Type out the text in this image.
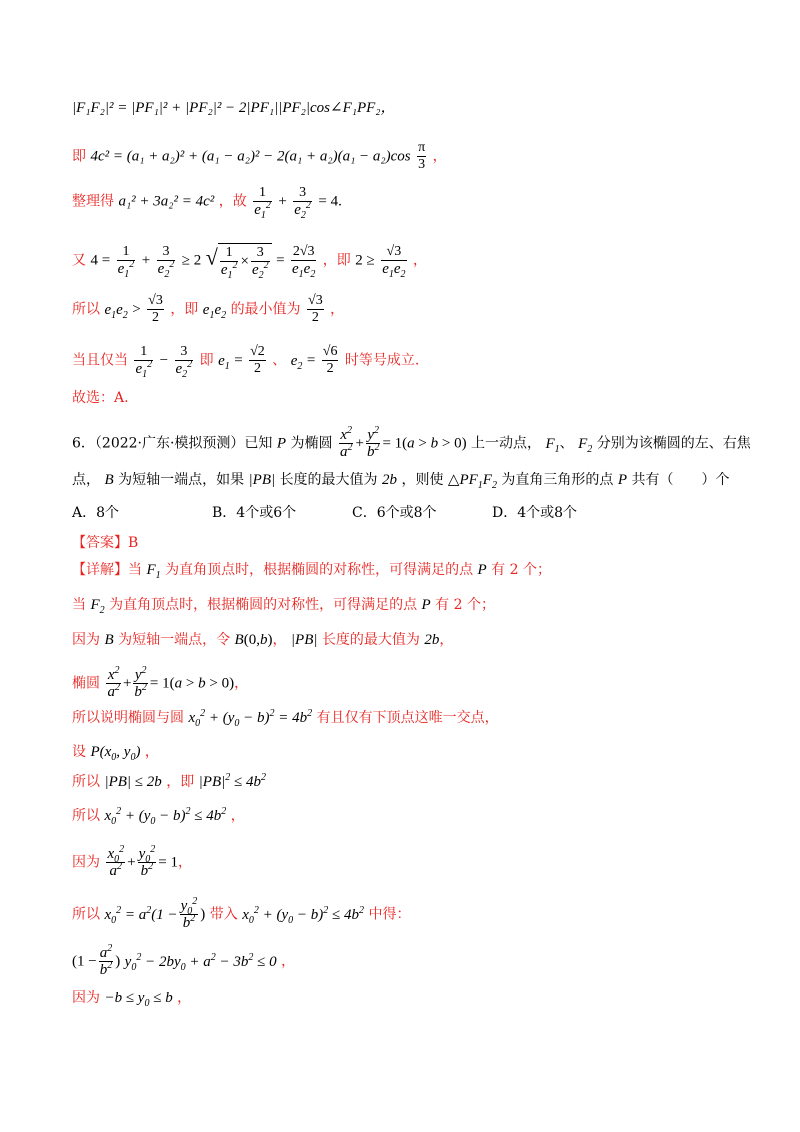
|F₁F₂|² = |PF₁|² + |PF₂|² − 2|PF₁||PF₂|cos∠F₁PF₂，
即 $4c^2 = (a_1 + a_2)^2 + (a_1 - a_2)^2 - 2(a_1 + a_2)(a_1 - a_2)\cos \frac{\pi}{3}$ ，
整理得 a₁² + 3a₂² = 4c² ，故 $\frac{1}{e_1^2} + \frac{3}{e_2^2} = 4$.
又 $4 = \frac{1}{e_1^2} + \frac{3}{e_2^2} \ge 2$ √ $\frac{1}{e_1^2} \times \frac{3}{e_2^2} = \frac{2√3}{e_1e_2}$ ，即 $2 \ge \frac{√3}{e_1e_2}$ ，
所以 $e_1e_2 > \frac{√3}{2}$ ，即 $e_1e_2$ 的最小值为 $\frac{√3}{2}$ ，
当且仅当 $\frac{1}{e_1^2} - \frac{3}{e_2^2}$ 即 $e_1 = \frac{√2}{2}$ 、 $e_2 = \frac{√6}{2}$ 时等号成立.
故选：A.
6．（2022·广东·模拟预测）已知 P 为椭圆 $\frac{x^2}{a^2} + \frac{y^2}{b^2} = 1(a > b > 0)$ 上一动点， $F_1$、 $F_2$ 分别为该椭圆的左、右焦
点， B 为短轴一端点，如果 |PB| 长度的最大值为 2b ，则使 $\triangle PF_1F_2$ 为直角三角形的点 P 共有（　　）个
A．8个	B．4个或6个	C．6个或8个	D．4个或8个
【答案】B
【详解】当 $F_1$ 为直角顶点时，根据椭圆的对称性，可得满足的点 P 有 2 个；
当 $F_2$ 为直角顶点时，根据椭圆的对称性，可得满足的点 P 有 2 个；
因为 B 为短轴一端点，令 B(0,b)， |PB| 长度的最大值为 2b，
椭圆 $\frac{x^2}{a^2} + \frac{y^2}{b^2} = 1(a > b > 0)$，
所以说明椭圆与圆 $x_0^2 + (y_0 - b)^2 = 4b^2$ 有且仅有下顶点这唯一交点，
设 $P(x_0$, $y_0$) ，
所以 |PB| ≤ 2b ，即 $|PB|^2 \le 4b^2$
所以 $x_0^2 + (y_0 - b)^2 \le 4b^2$ ，
因为 $\frac{x_0^2}{a^2} + \frac{y_0^2}{b^2} = 1$，
所以 $x_0^2 = a^2(1 - \frac{y_0^2}{b^2}$ ) 带入 $x_0^2 + (y_0 - b)^2 \le 4b^2$ 中得：
($1 - \frac{a^2}{b^2}$ ) $y_0^2 - 2by_0 + a^2 - 3b^2 \le 0$ ，
因为 $-b \le y_0 \le b$ ，
